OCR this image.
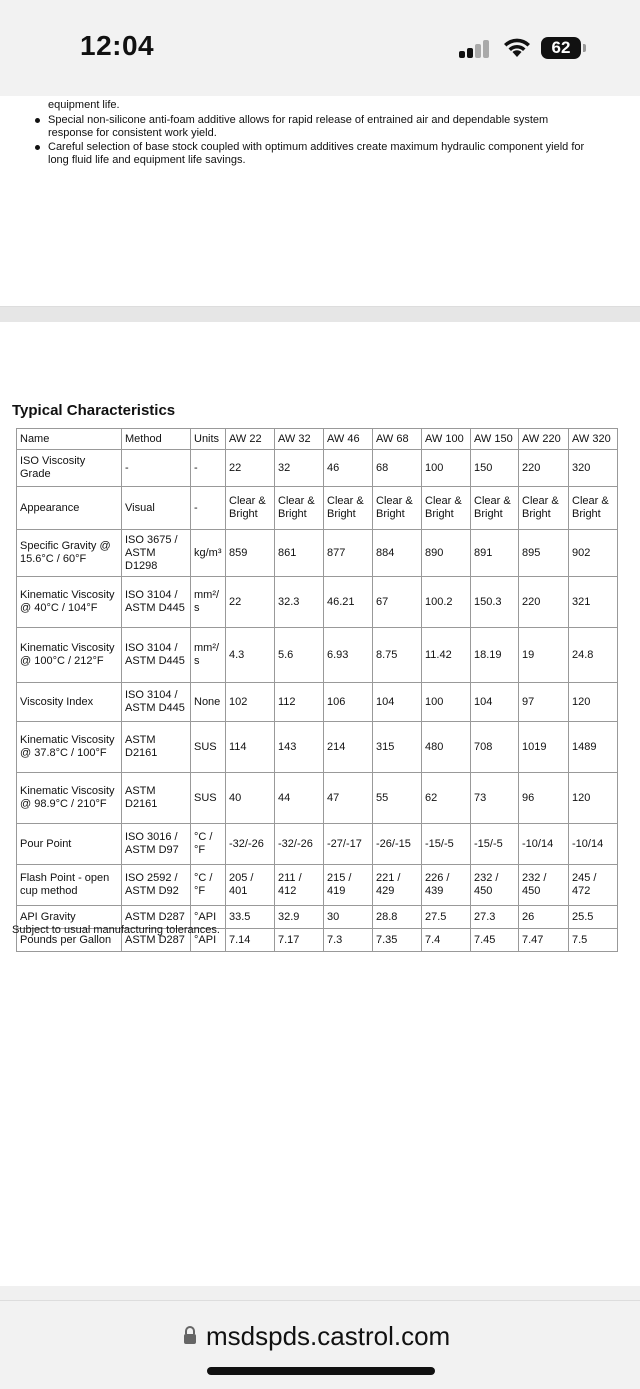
12:04	62
equipment life.
Special non-silicone anti-foam additive allows for rapid release of entrained air and dependable system
response for consistent work yield.
Careful selection of base stock coupled with optimum additives create maximum hydraulic component yield for
long fluid life and equipment life savings.
Typical Characteristics
Name	Method	Units	AW 22	AW 32	AW 46	AW 68	AW 100	AW 150	AW 220	AW 320
ISO Viscosity Grade	-	-	22	32	46	68	100	150	220	320
Appearance	Visual	-	Clear & Bright	Clear & Bright	Clear & Bright	Clear & Bright	Clear & Bright	Clear & Bright	Clear & Bright	Clear & Bright
Specific Gravity @ 15.6°C / 60°F	ISO 3675 / ASTM D1298	kg/m³	859	861	877	884	890	891	895	902
Kinematic Viscosity @ 40°C / 104°F	ISO 3104 / ASTM D445	mm²/s	22	32.3	46.21	67	100.2	150.3	220	321
Kinematic Viscosity @ 100°C / 212°F	ISO 3104 / ASTM D445	mm²/s	4.3	5.6	6.93	8.75	11.42	18.19	19	24.8
Viscosity Index	ISO 3104 / ASTM D445	None	102	112	106	104	100	104	97	120
Kinematic Viscosity @ 37.8°C / 100°F	ASTM D2161	SUS	114	143	214	315	480	708	1019	1489
Kinematic Viscosity @ 98.9°C / 210°F	ASTM D2161	SUS	40	44	47	55	62	73	96	120
Pour Point	ISO 3016 / ASTM D97	°C / °F	-32/-26	-32/-26	-27/-17	-26/-15	-15/-5	-15/-5	-10/14	-10/14
Flash Point - open cup method	ISO 2592 / ASTM D92	°C / °F	205 / 401	211 / 412	215 / 419	221 / 429	226 / 439	232 / 450	232 / 450	245 / 472
API Gravity	ASTM D287	°API	33.5	32.9	30	28.8	27.5	27.3	26	25.5
Pounds per Gallon	ASTM D287	°API	7.14	7.17	7.3	7.35	7.4	7.45	7.47	7.5
Subject to usual manufacturing tolerances.
msdspds.castrol.com
